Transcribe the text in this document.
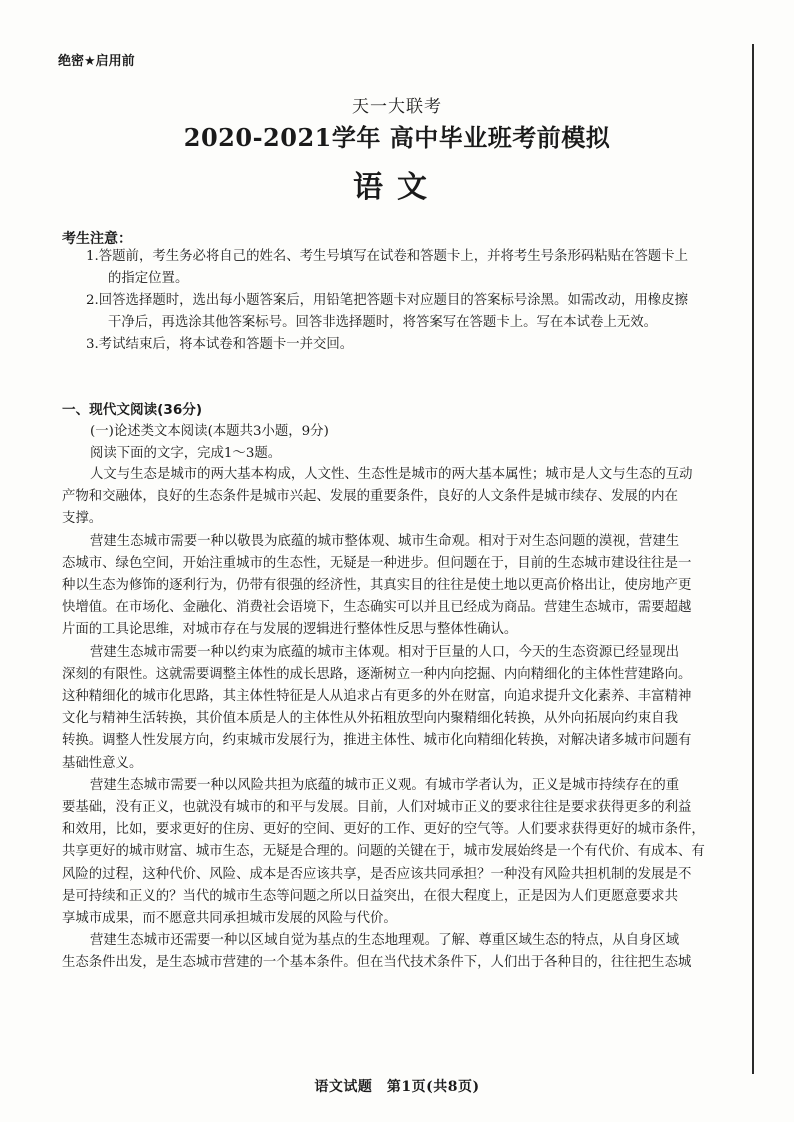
绝密★启用前
天一大联考
2020-2021学年 高中毕业班考前模拟
语文
考生注意：
1.答题前，考生务必将自己的姓名、考生号填写在试卷和答题卡上，并将考生号条形码粘贴在答题卡上
的指定位置。
2.回答选择题时，选出每小题答案后，用铅笔把答题卡对应题目的答案标号涂黑。如需改动，用橡皮擦
干净后，再选涂其他答案标号。回答非选择题时，将答案写在答题卡上。写在本试卷上无效。
3.考试结束后，将本试卷和答题卡一并交回。
一、现代文阅读(36分)
(一)论述类文本阅读(本题共3小题，9分)
阅读下面的文字，完成1～3题。
人文与生态是城市的两大基本构成，人文性、生态性是城市的两大基本属性；城市是人文与生态的互动
产物和交融体，良好的生态条件是城市兴起、发展的重要条件，良好的人文条件是城市续存、发展的内在
支撑。
营建生态城市需要一种以敬畏为底蕴的城市整体观、城市生命观。相对于对生态问题的漠视，营建生
态城市、绿色空间，开始注重城市的生态性，无疑是一种进步。但问题在于，目前的生态城市建设往往是一
种以生态为修饰的逐利行为，仍带有很强的经济性，其真实目的往往是使土地以更高价格出让，使房地产更
快增值。在市场化、金融化、消费社会语境下，生态确实可以并且已经成为商品。营建生态城市，需要超越
片面的工具论思维，对城市存在与发展的逻辑进行整体性反思与整体性确认。
营建生态城市需要一种以约束为底蕴的城市主体观。相对于巨量的人口，今天的生态资源已经显现出
深刻的有限性。这就需要调整主体性的成长思路，逐渐树立一种内向挖掘、内向精细化的主体性营建路向。
这种精细化的城市化思路，其主体性特征是人从追求占有更多的外在财富，向追求提升文化素养、丰富精神
文化与精神生活转换，其价值本质是人的主体性从外拓粗放型向内聚精细化转换，从外向拓展向约束自我
转换。调整人性发展方向，约束城市发展行为，推进主体性、城市化向精细化转换，对解决诸多城市问题有
基础性意义。
营建生态城市需要一种以风险共担为底蕴的城市正义观。有城市学者认为，正义是城市持续存在的重
要基础，没有正义，也就没有城市的和平与发展。目前，人们对城市正义的要求往往是要求获得更多的利益
和效用，比如，要求更好的住房、更好的空间、更好的工作、更好的空气等。人们要求获得更好的城市条件，
共享更好的城市财富、城市生态，无疑是合理的。问题的关键在于，城市发展始终是一个有代价、有成本、有
风险的过程，这种代价、风险、成本是否应该共享，是否应该共同承担？一种没有风险共担机制的发展是不
是可持续和正义的？当代的城市生态等问题之所以日益突出，在很大程度上，正是因为人们更愿意要求共
享城市成果，而不愿意共同承担城市发展的风险与代价。
营建生态城市还需要一种以区域自觉为基点的生态地理观。了解、尊重区域生态的特点，从自身区域
生态条件出发，是生态城市营建的一个基本条件。但在当代技术条件下，人们出于各种目的，往往把生态城
语文试题　第1页(共8页)
